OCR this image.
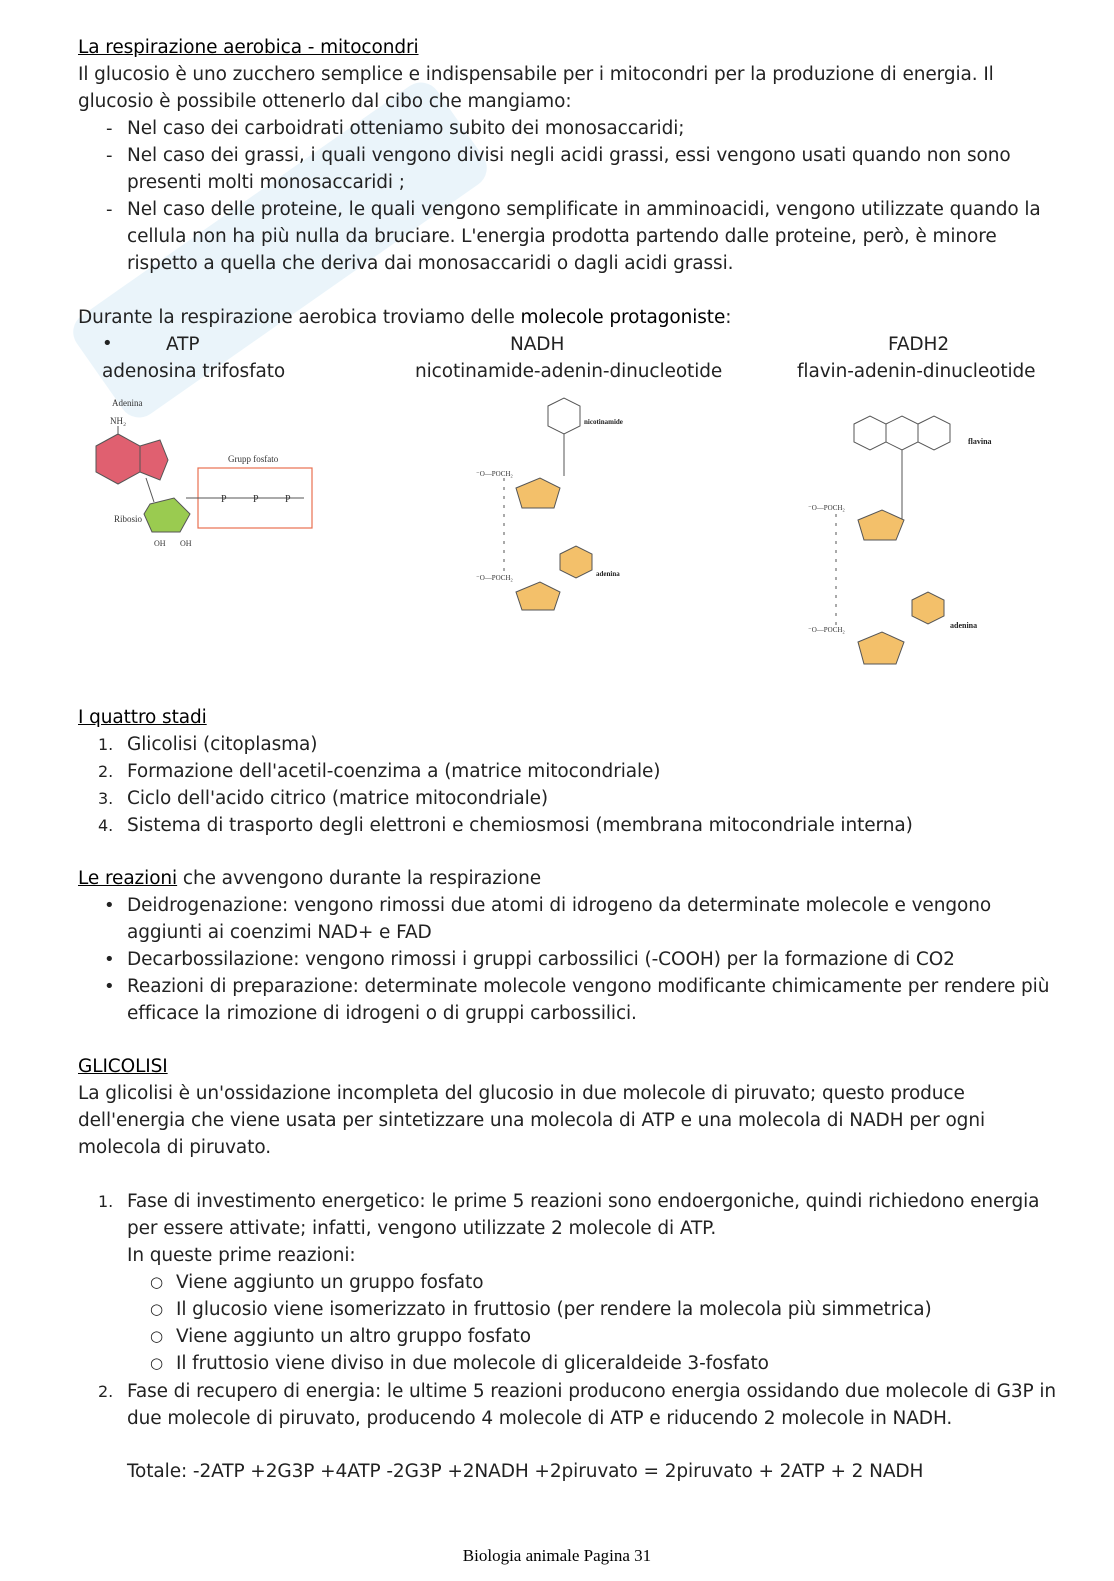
La respirazione aerobica - mitocondri
Il glucosio è uno zucchero semplice e indispensabile per i mitocondri per la produzione di energia. Il
glucosio è possibile ottenerlo dal cibo che mangiamo:
- Nel caso dei carboidrati otteniamo subito dei monosaccaridi;
- Nel caso dei grassi, i quali vengono divisi negli acidi grassi, essi vengono usati quando non sono
presenti molti monosaccaridi ;
- Nel caso delle proteine, le quali vengono semplificate in amminoacidi, vengono utilizzate quando la
cellula non ha più nulla da bruciare. L'energia prodotta partendo dalle proteine, però, è minore
rispetto a quella che deriva dai monosaccaridi o dagli acidi grassi.
Durante la respirazione aerobica troviamo delle molecole protagoniste:
•	ATP
adenosina trifosfato
NADH
nicotinamide-adenin-dinucleotide
FADH2
flavin-adenin-dinucleotide
Adenina
NH₂
Ribosio
OH OH
Grupp fosfato
P	P	P
nicotinamide
⁻O—POCH₂
⁻O—POCH₂	adenina
flavina
⁻O—POCH₂
⁻O—POCH₂	adenina
I quattro stadi
1. Glicolisi (citoplasma)
2. Formazione dell'acetil-coenzima a (matrice mitocondriale)
3. Ciclo dell'acido citrico (matrice mitocondriale)
4. Sistema di trasporto degli elettroni e chemiosmosi (membrana mitocondriale interna)
Le reazioni che avvengono durante la respirazione
• Deidrogenazione: vengono rimossi due atomi di idrogeno da determinate molecole e vengono
aggiunti ai coenzimi NAD+ e FAD
• Decarbossilazione: vengono rimossi i gruppi carbossilici (-COOH) per la formazione di CO2
• Reazioni di preparazione: determinate molecole vengono modificante chimicamente per rendere più
efficace la rimozione di idrogeni o di gruppi carbossilici.
GLICOLISI
La glicolisi è un'ossidazione incompleta del glucosio in due molecole di piruvato; questo produce
dell'energia che viene usata per sintetizzare una molecola di ATP e una molecola di NADH per ogni
molecola di piruvato.
1. Fase di investimento energetico: le prime 5 reazioni sono endoergoniche, quindi richiedono energia
per essere attivate; infatti, vengono utilizzate 2 molecole di ATP.
In queste prime reazioni:
○ Viene aggiunto un gruppo fosfato
○ Il glucosio viene isomerizzato in fruttosio (per rendere la molecola più simmetrica)
○ Viene aggiunto un altro gruppo fosfato
○ Il fruttosio viene diviso in due molecole di gliceraldeide 3-fosfato
2. Fase di recupero di energia: le ultime 5 reazioni producono energia ossidando due molecole di G3P in
due molecole di piruvato, producendo 4 molecole di ATP e riducendo 2 molecole in NADH.
Totale: -2ATP +2G3P +4ATP -2G3P +2NADH +2piruvato = 2piruvato + 2ATP + 2 NADH
Biologia animale Pagina 31
